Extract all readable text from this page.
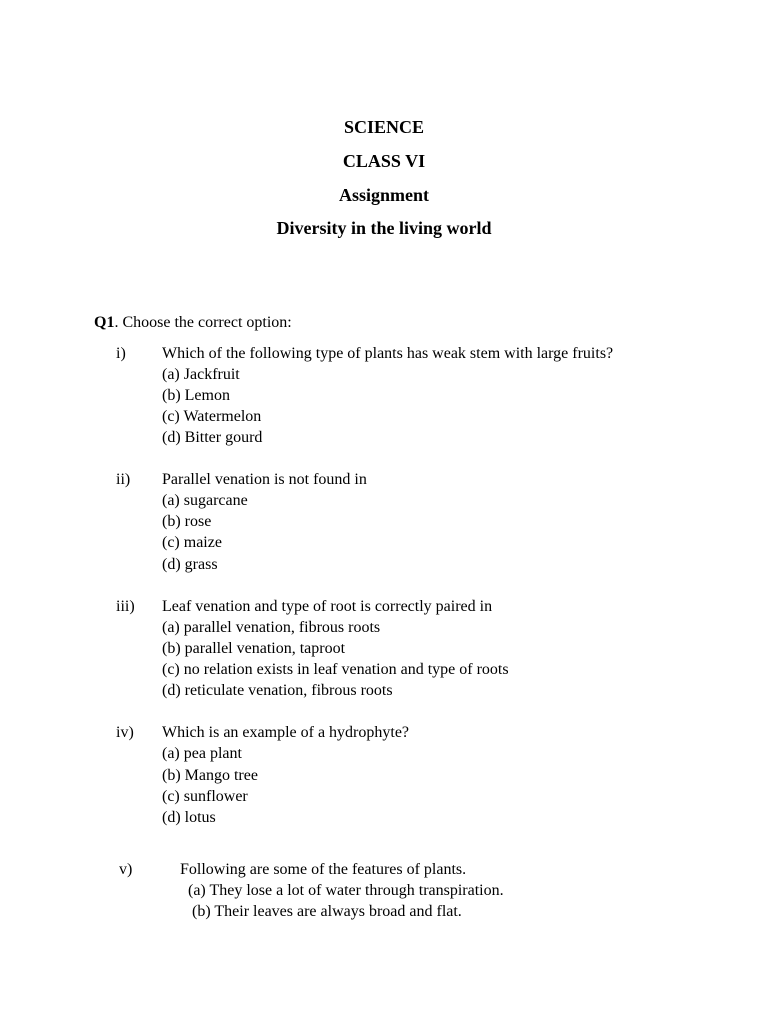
SCIENCE
CLASS VI
Assignment
Diversity in the living world
Q1. Choose the correct option:
i) Which of the following type of plants has weak stem with large fruits?
(a) Jackfruit
(b) Lemon
(c) Watermelon
(d) Bitter gourd
ii) Parallel venation is not found in
(a) sugarcane
(b) rose
(c) maize
(d) grass
iii) Leaf venation and type of root is correctly paired in
(a) parallel venation, fibrous roots
(b) parallel venation, taproot
(c) no relation exists in leaf venation and type of roots
(d) reticulate venation, fibrous roots
iv) Which is an example of a hydrophyte?
(a) pea plant
(b) Mango tree
(c) sunflower
(d) lotus
v)	Following are some of the features of plants.
(a) They lose a lot of water through transpiration.
(b) Their leaves are always broad and flat.
